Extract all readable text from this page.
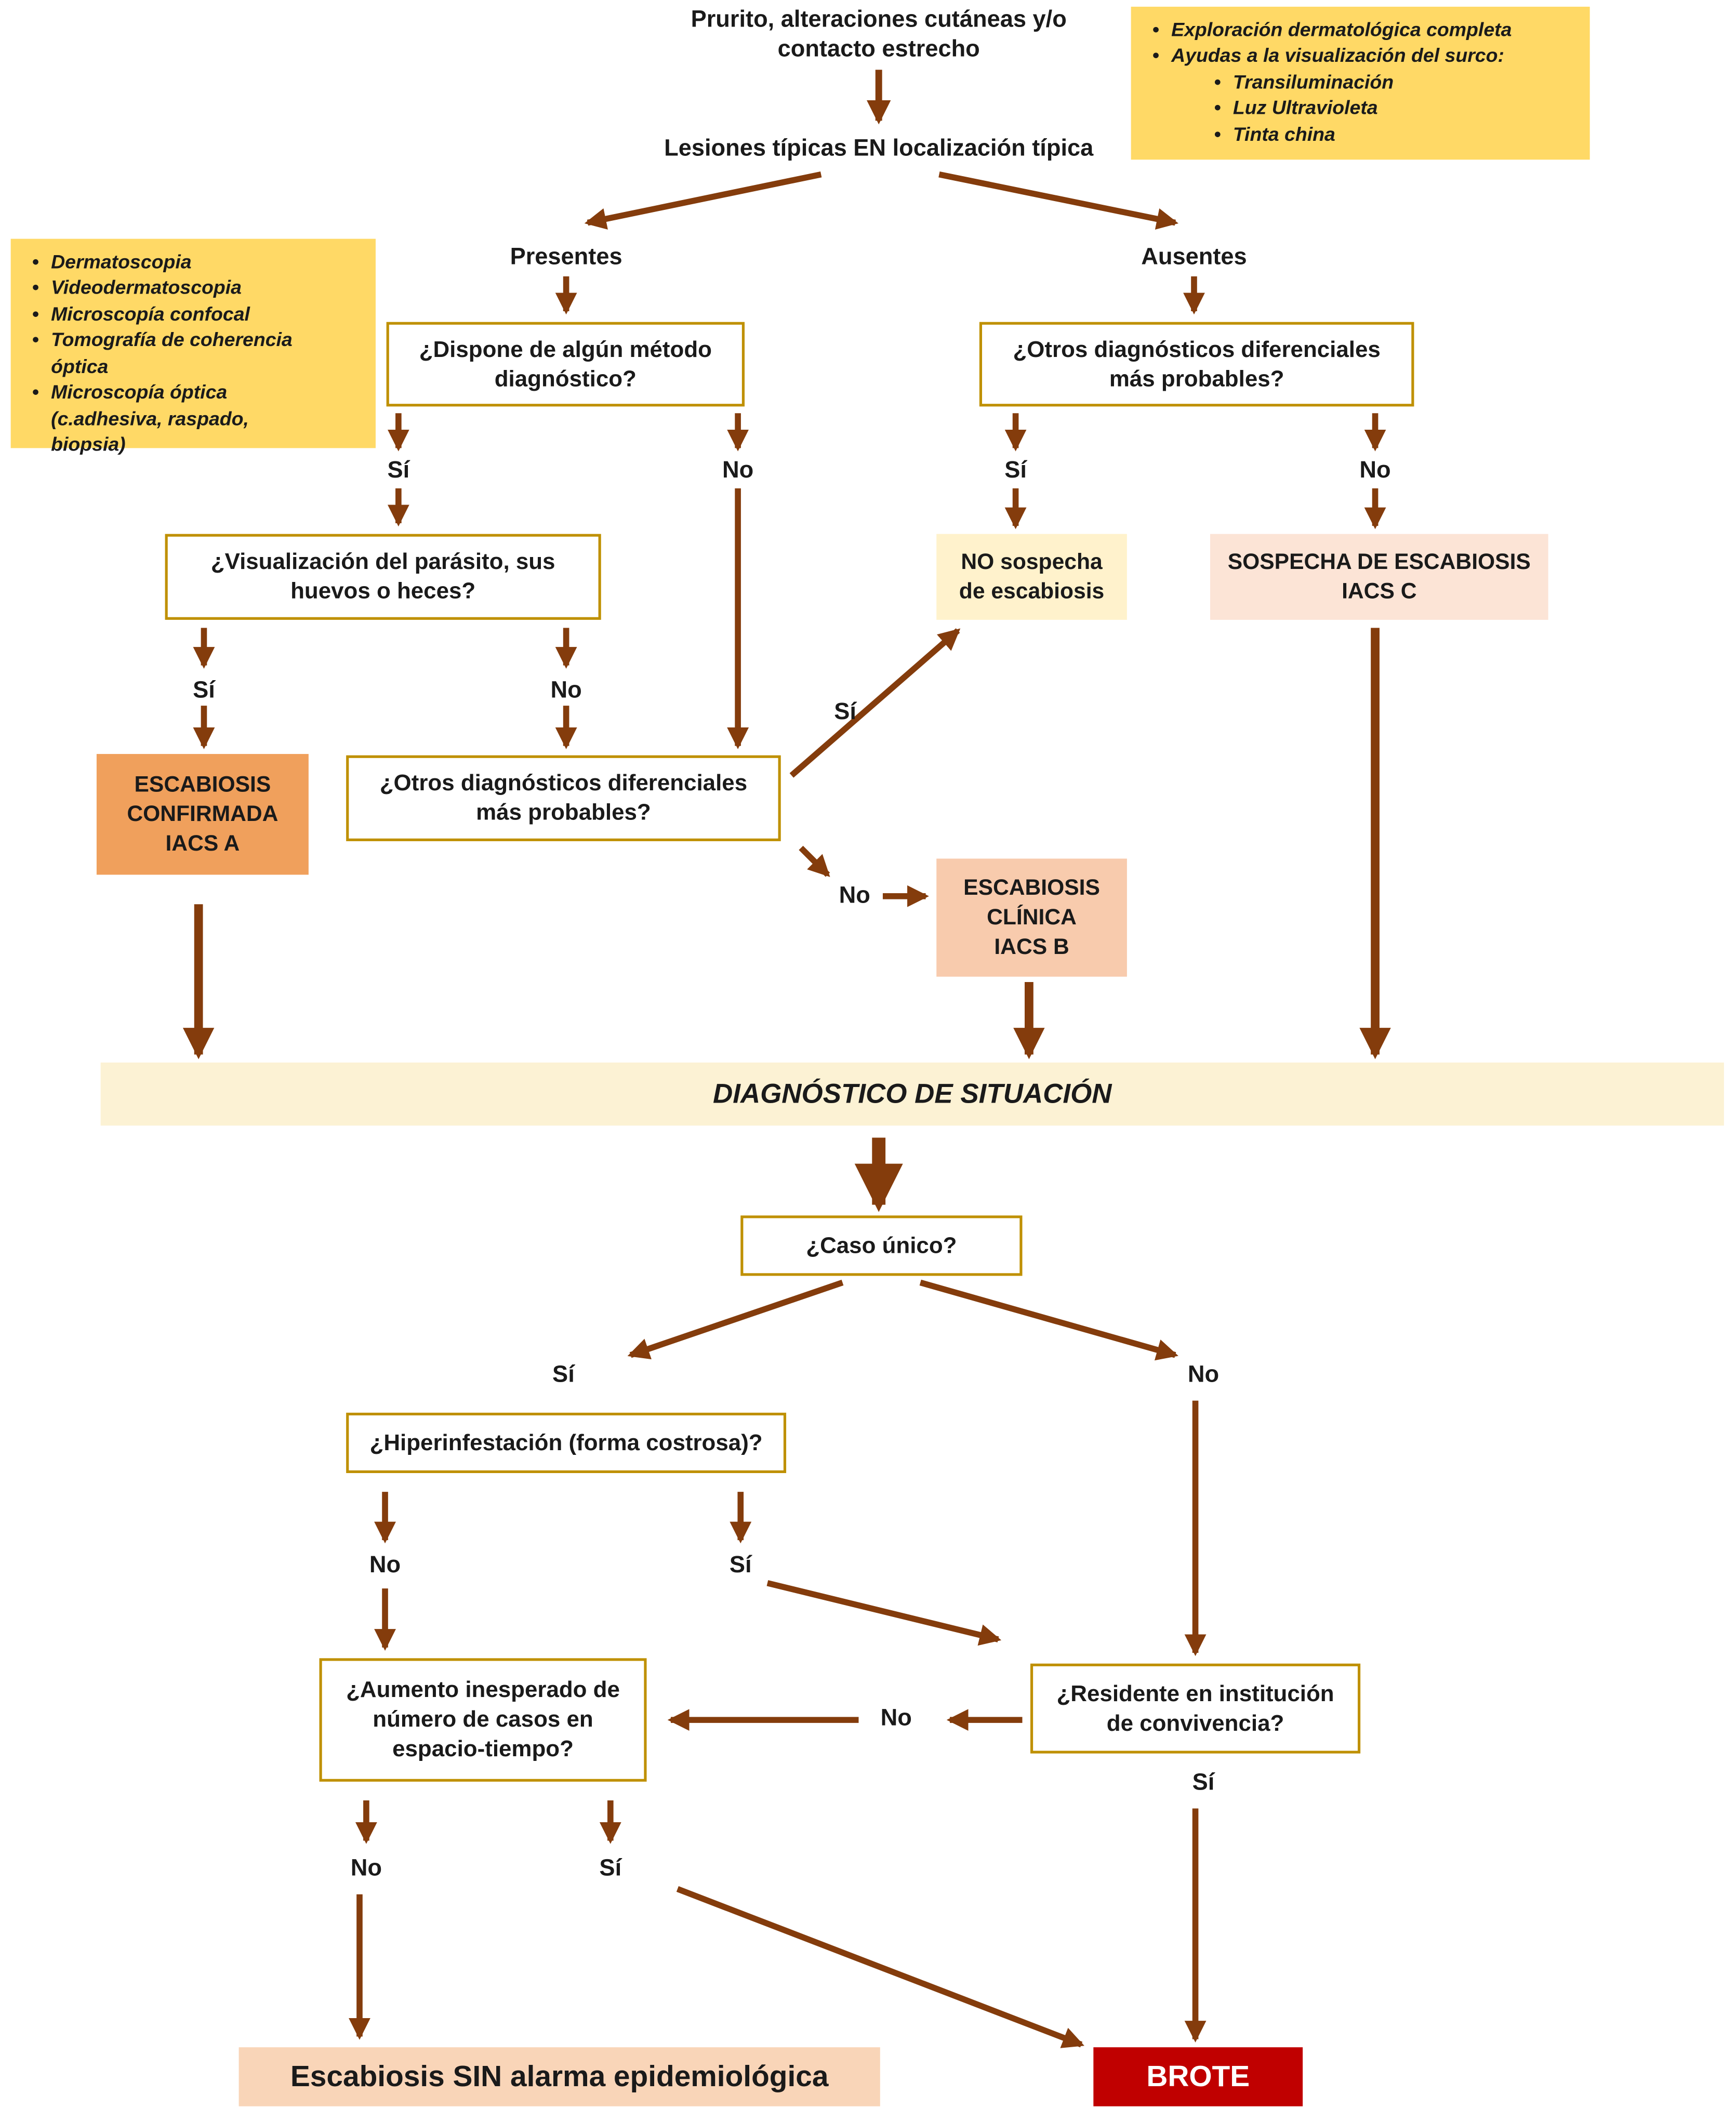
Prurito, alteraciones cutáneas y/o contacto estrecho
Lesiones típicas EN localización típica
Presentes	Ausentes
• Exploración dermatológica completa
• Ayudas a la visualización del surco:
• Transiluminación
• Luz Ultravioleta
• Tinta china
• Dermatoscopia
• Videodermatoscopia
• Microscopía confocal
• Tomografía de coherencia óptica
• Microscopía óptica (c.adhesiva, raspado, biopsia)
¿Dispone de algún método diagnóstico?
¿Otros diagnósticos diferenciales más probables?
¿Visualización del parásito, sus huevos o heces?
¿Otros diagnósticos diferenciales más probables?
¿Caso único?
¿Hiperinfestación (forma costrosa)?
¿Aumento inesperado de número de casos en espacio-tiempo?
¿Residente en institución de convivencia?
NO sospecha
de escabiosis
SOSPECHA DE ESCABIOSIS
IACS C
ESCABIOSIS
CONFIRMADA
IACS A
ESCABIOSIS
CLÍNICA
IACS B
DIAGNÓSTICO DE SITUACIÓN
Escabiosis SIN alarma epidemiológica	BROTE
Sí	No	Sí	No
Sí	No
Sí
No
Sí	No
No	Sí
No
Sí
No	Sí
